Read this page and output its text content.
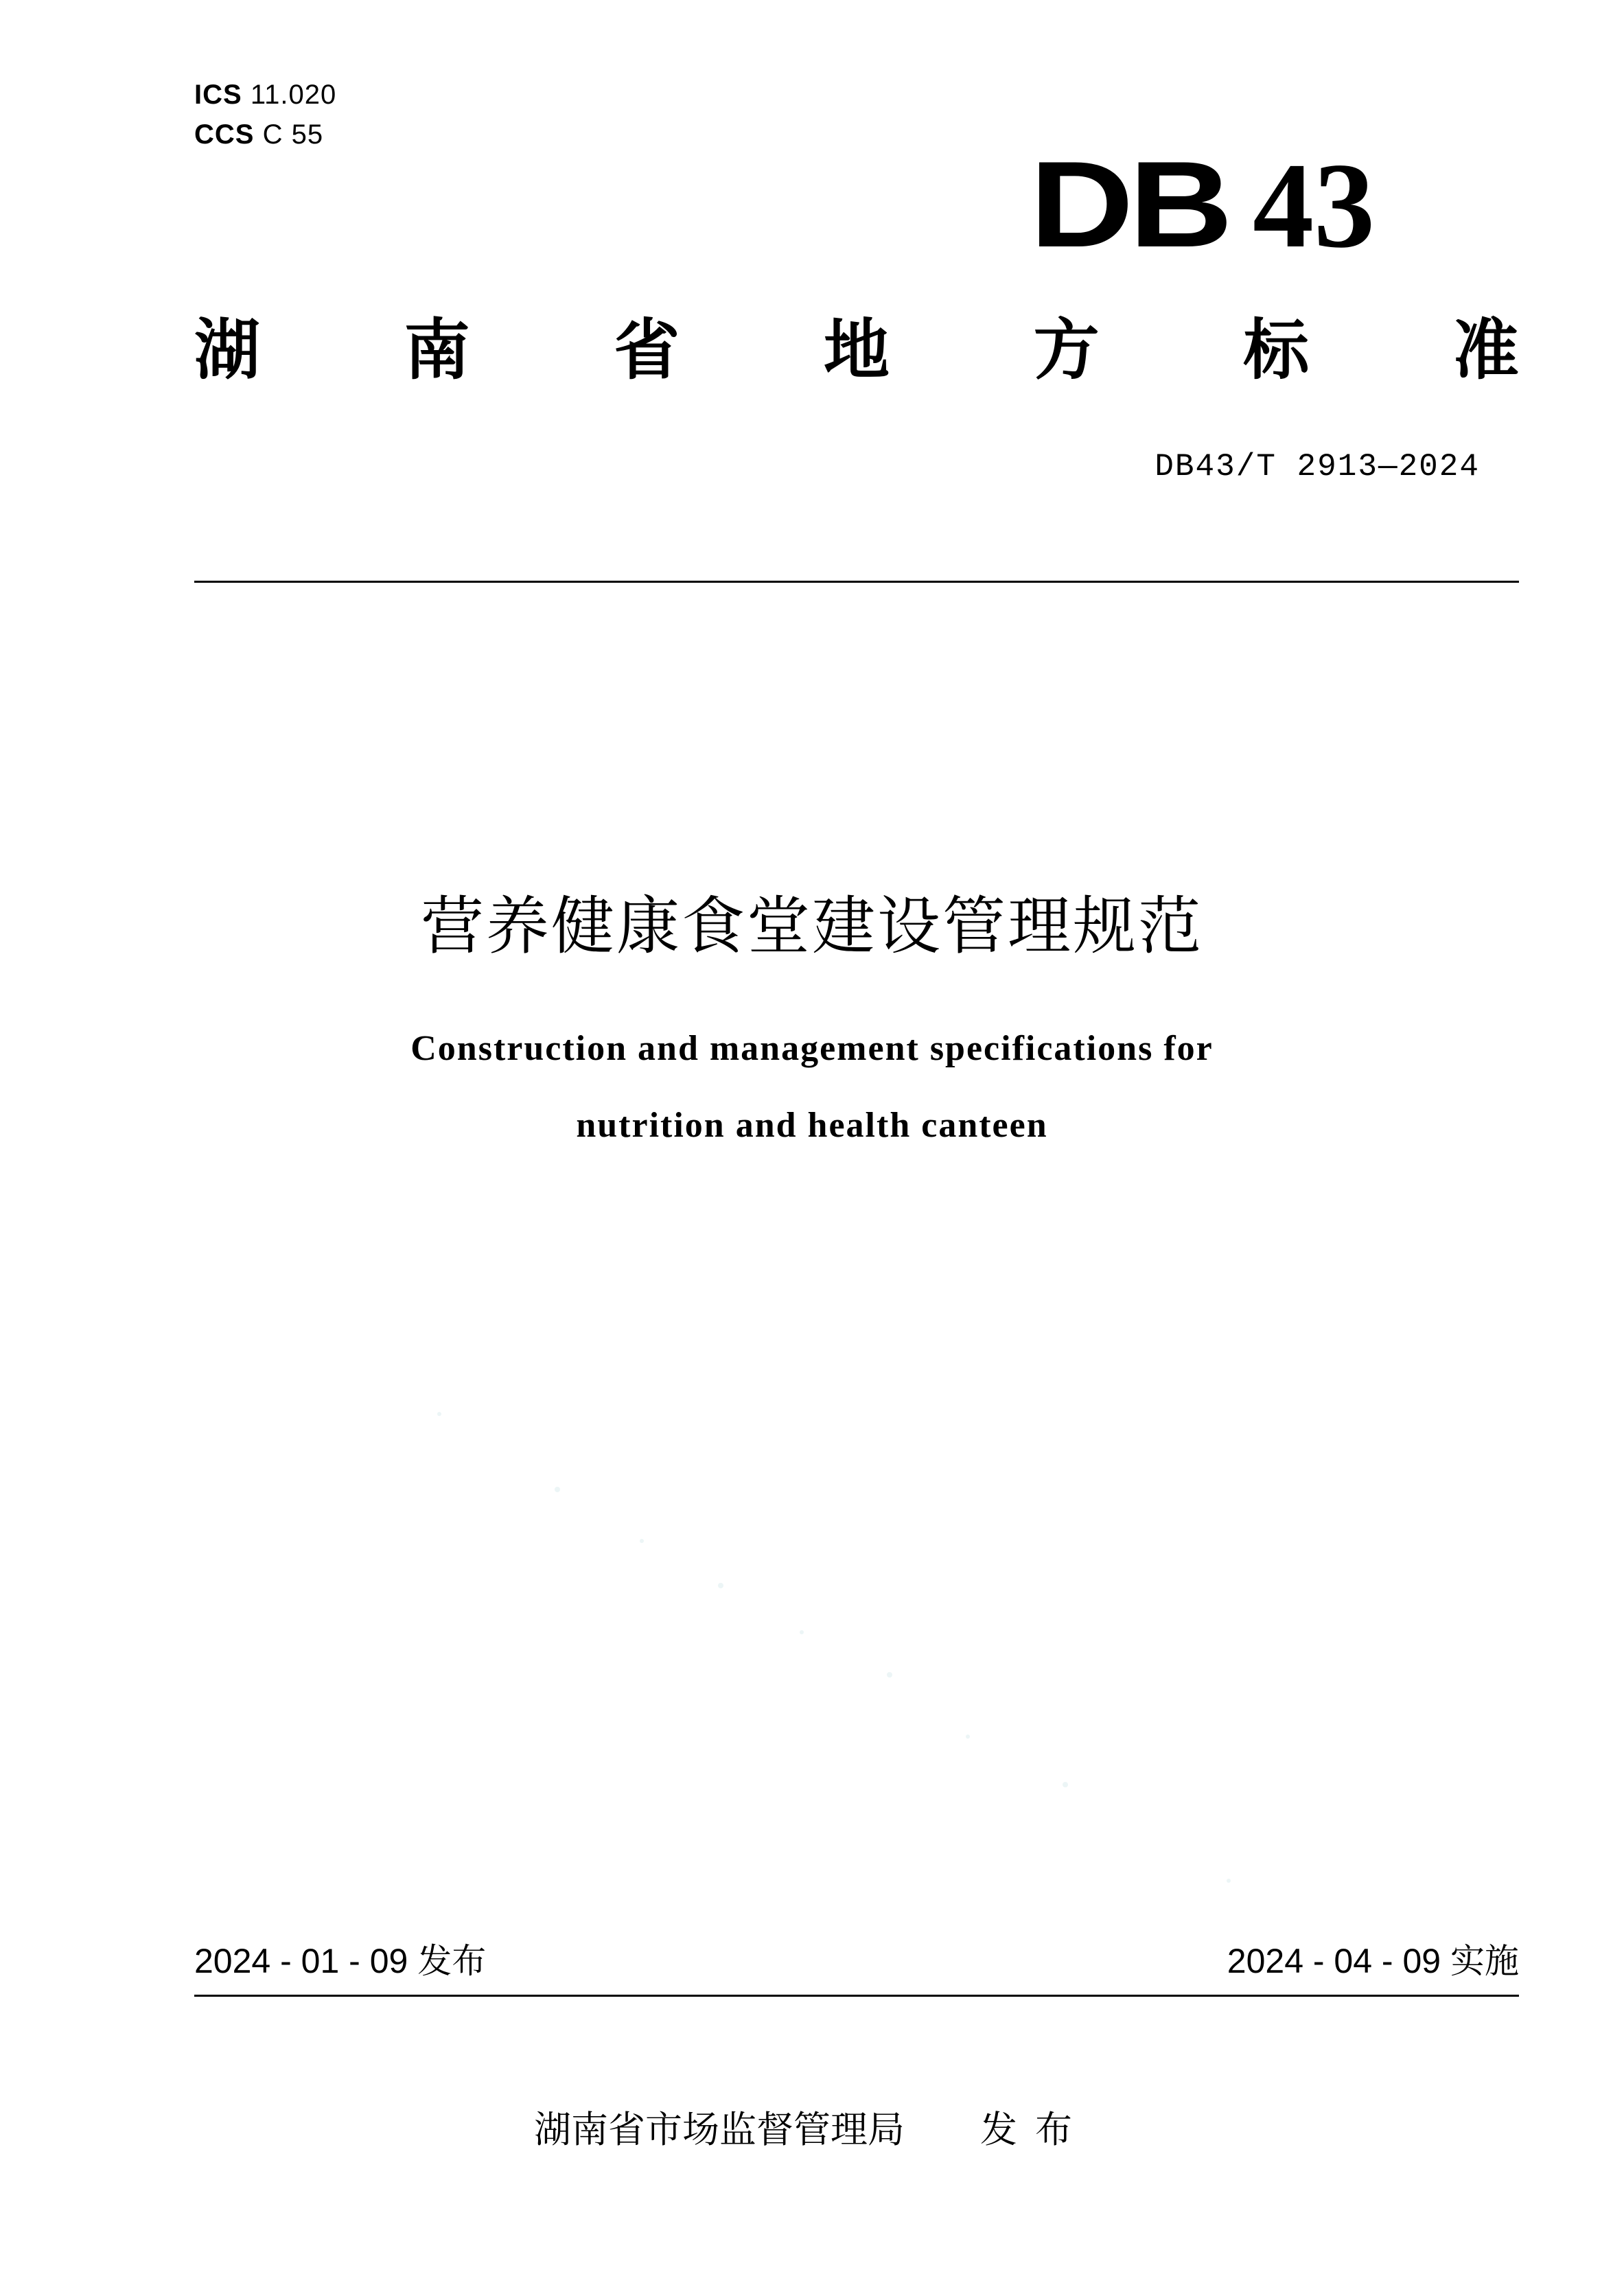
ICS 11.020
CCS C 55
DB 43
湖 南 省 地 方 标 准
DB43/T 2913—2024
营养健康食堂建设管理规范
Construction and management specifications for
nutrition and health canteen
2024 - 01 - 09 发布	2024 - 04 - 09 实施
湖南省市场监督管理局 发布
